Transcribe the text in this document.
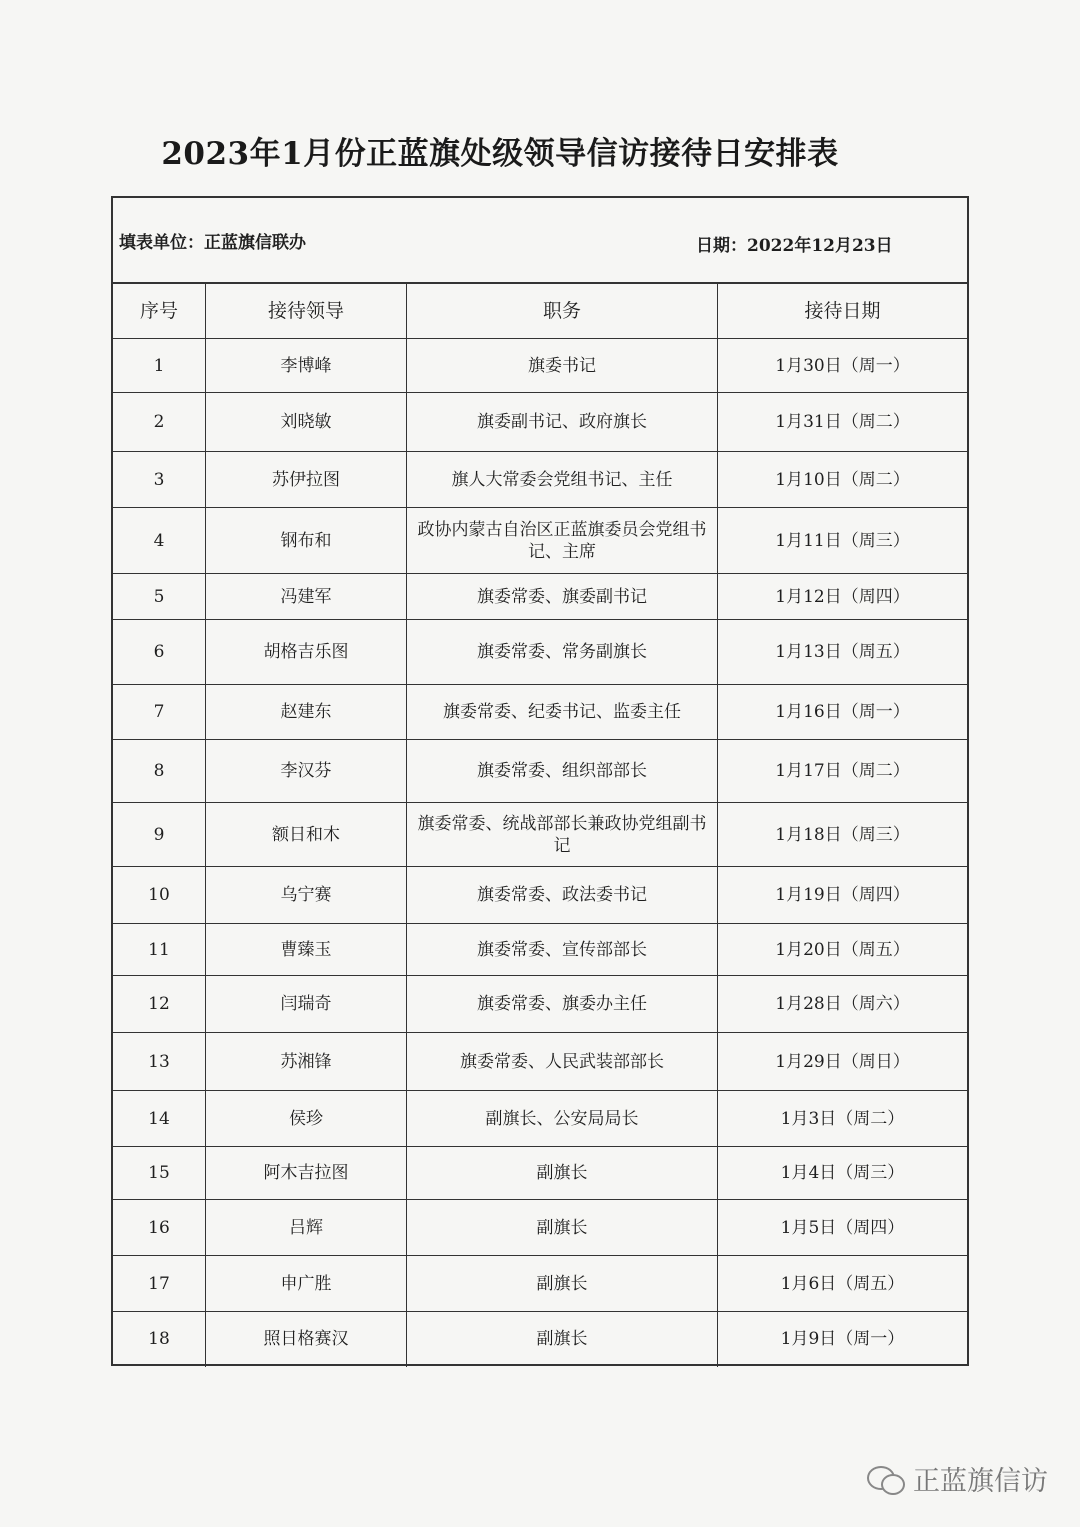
2023年1月份正蓝旗处级领导信访接待日安排表
填表单位：正蓝旗信联办	日期：2022年12月23日
序号	接待领导	职务	接待日期
1	李博峰	旗委书记	1月30日（周一）
2	刘晓敏	旗委副书记、政府旗长	1月31日（周二）
3	苏伊拉图	旗人大常委会党组书记、主任	1月10日（周二）
4	钢布和	政协内蒙古自治区正蓝旗委员会党组书记、主席	1月11日（周三）
5	冯建军	旗委常委、旗委副书记	1月12日（周四）
6	胡格吉乐图	旗委常委、常务副旗长	1月13日（周五）
7	赵建东	旗委常委、纪委书记、监委主任	1月16日（周一）
8	李汉芬	旗委常委、组织部部长	1月17日（周二）
9	额日和木	旗委常委、统战部部长兼政协党组副书记	1月18日（周三）
10	乌宁赛	旗委常委、政法委书记	1月19日（周四）
11	曹臻玉	旗委常委、宣传部部长	1月20日（周五）
12	闫瑞奇	旗委常委、旗委办主任	1月28日（周六）
13	苏湘锋	旗委常委、人民武装部部长	1月29日（周日）
14	侯珍	副旗长、公安局局长	1月3日（周二）
15	阿木吉拉图	副旗长	1月4日（周三）
16	吕辉	副旗长	1月5日（周四）
17	申广胜	副旗长	1月6日（周五）
18	照日格赛汉	副旗长	1月9日（周一）
正蓝旗信访
